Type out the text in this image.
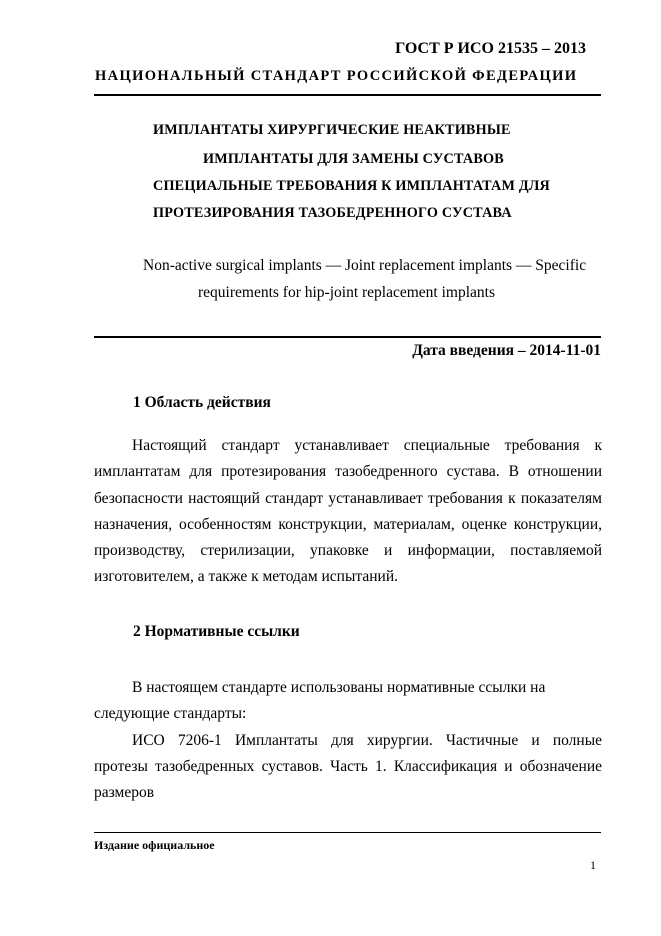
ГОСТ Р ИСО 21535 – 2013
НАЦИОНАЛЬНЫЙ СТАНДАРТ РОССИЙСКОЙ ФЕДЕРАЦИИ
ИМПЛАНТАТЫ ХИРУРГИЧЕСКИЕ НЕАКТИВНЫЕ
ИМПЛАНТАТЫ ДЛЯ ЗАМЕНЫ СУСТАВОВ
СПЕЦИАЛЬНЫЕ ТРЕБОВАНИЯ К ИМПЛАНТАТАМ ДЛЯ
ПРОТЕЗИРОВАНИЯ ТАЗОБЕДРЕННОГО СУСТАВА
Non-active surgical implants — Joint replacement implants — Specific
requirements for hip-joint replacement implants
Дата введения – 2014-11-01
1 Область действия
Настоящий стандарт устанавливает специальные требования к
имплантатам для протезирования тазобедренного сустава. В отношении
безопасности настоящий стандарт устанавливает требования к показателям
назначения, особенностям конструкции, материалам, оценке конструкции,
производству, стерилизации, упаковке и информации, поставляемой
изготовителем, а также к методам испытаний.
2 Нормативные ссылки
В настоящем стандарте использованы нормативные ссылки на
следующие стандарты:
ИСО 7206-1 Имплантаты для хирургии. Частичные и полные
протезы тазобедренных суставов. Часть 1. Классификация и обозначение
размеров
Издание официальное
1
